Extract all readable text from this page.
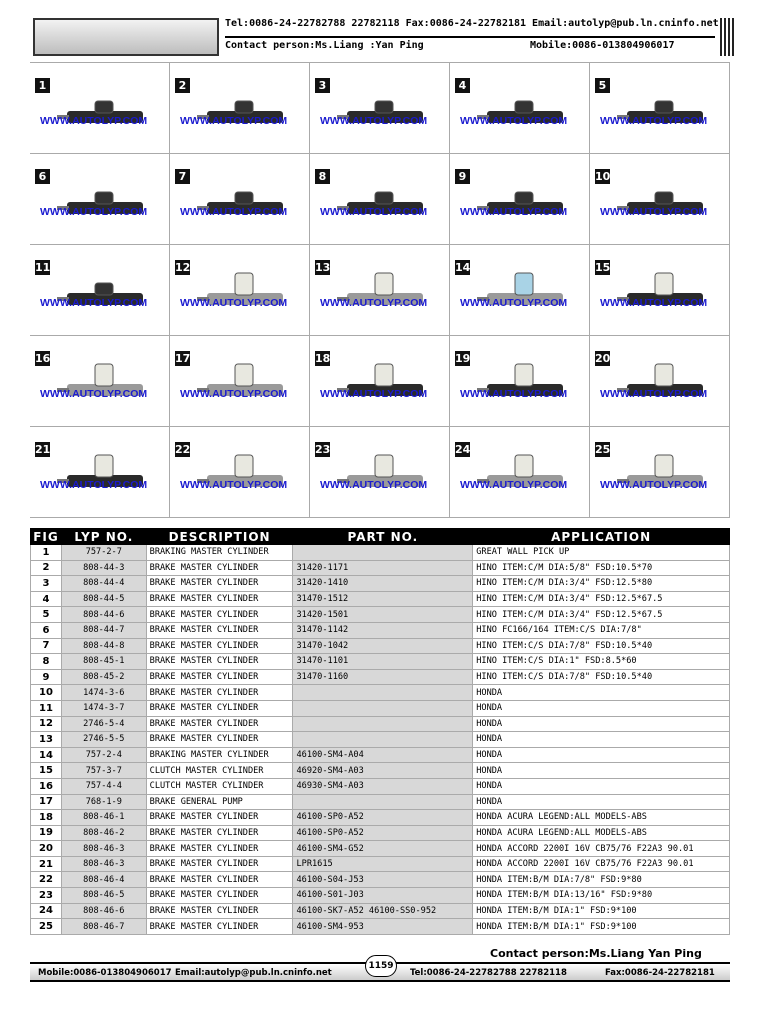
Tel:0086-24-22782788 22782118 Fax:0086-24-22782181 Email:autolyp@pub.ln.cninfo.net
Contact person:Ms.Liang :Yan Ping	Mobile:0086-013804906017
1
WWW.AUTOLYP.COM
2
WWW.AUTOLYP.COM
3
WWW.AUTOLYP.COM
4
WWW.AUTOLYP.COM
5
WWW.AUTOLYP.COM
6
WWW.AUTOLYP.COM
7
WWW.AUTOLYP.COM
8
WWW.AUTOLYP.COM
9
WWW.AUTOLYP.COM
10
WWW.AUTOLYP.COM
11
WWW.AUTOLYP.COM
12
WWW.AUTOLYP.COM
13
WWW.AUTOLYP.COM
14
WWW.AUTOLYP.COM
15
WWW.AUTOLYP.COM
16
WWW.AUTOLYP.COM
17
WWW.AUTOLYP.COM
18
WWW.AUTOLYP.COM
19
WWW.AUTOLYP.COM
20
WWW.AUTOLYP.COM
21
WWW.AUTOLYP.COM
22
WWW.AUTOLYP.COM
23
WWW.AUTOLYP.COM
24
WWW.AUTOLYP.COM
25
WWW.AUTOLYP.COM
FIG	LYP NO.	DESCRIPTION	PART NO.	APPLICATION
1	757-2-7	BRAKING MASTER CYLINDER		GREAT WALL PICK UP
2	808-44-3	BRAKE MASTER CYLINDER	31420-1171	HINO ITEM:C/M DIA:5/8" FSD:10.5*70
3	808-44-4	BRAKE MASTER CYLINDER	31420-1410	HINO ITEM:C/M DIA:3/4" FSD:12.5*80
4	808-44-5	BRAKE MASTER CYLINDER	31470-1512	HINO ITEM:C/M DIA:3/4" FSD:12.5*67.5
5	808-44-6	BRAKE MASTER CYLINDER	31420-1501	HINO ITEM:C/M DIA:3/4" FSD:12.5*67.5
6	808-44-7	BRAKE MASTER CYLINDER	31470-1142	HINO FC166/164 ITEM:C/S DIA:7/8"
7	808-44-8	BRAKE MASTER CYLINDER	31470-1042	HINO ITEM:C/S DIA:7/8" FSD:10.5*40
8	808-45-1	BRAKE MASTER CYLINDER	31470-1101	HINO ITEM:C/S DIA:1" FSD:8.5*60
9	808-45-2	BRAKE MASTER CYLINDER	31470-1160	HINO ITEM:C/S DIA:7/8" FSD:10.5*40
10	1474-3-6	BRAKE MASTER CYLINDER		HONDA
11	1474-3-7	BRAKE MASTER CYLINDER		HONDA
12	2746-5-4	BRAKE MASTER CYLINDER		HONDA
13	2746-5-5	BRAKE MASTER CYLINDER		HONDA
14	757-2-4	BRAKING MASTER CYLINDER	46100-SM4-A04	HONDA
15	757-3-7	CLUTCH MASTER CYLINDER	46920-SM4-A03	HONDA
16	757-4-4	CLUTCH MASTER CYLINDER	46930-SM4-A03	HONDA
17	768-1-9	BRAKE GENERAL PUMP		HONDA
18	808-46-1	BRAKE MASTER CYLINDER	46100-SP0-A52	HONDA ACURA LEGEND:ALL MODELS-ABS
19	808-46-2	BRAKE MASTER CYLINDER	46100-SP0-A52	HONDA ACURA LEGEND:ALL MODELS-ABS
20	808-46-3	BRAKE MASTER CYLINDER	46100-SM4-G52	HONDA ACCORD 2200I 16V CB75/76 F22A3 90.01
21	808-46-3	BRAKE MASTER CYLINDER	LPR1615	HONDA ACCORD 2200I 16V CB75/76 F22A3 90.01
22	808-46-4	BRAKE MASTER CYLINDER	46100-S04-J53	HONDA ITEM:B/M DIA:7/8" FSD:9*80
23	808-46-5	BRAKE MASTER CYLINDER	46100-S01-J03	HONDA ITEM:B/M DIA:13/16" FSD:9*80
24	808-46-6	BRAKE MASTER CYLINDER	46100-SK7-A52 46100-SS0-952	HONDA ITEM:B/M DIA:1" FSD:9*100
25	808-46-7	BRAKE MASTER CYLINDER	46100-SM4-953	HONDA ITEM:B/M DIA:1" FSD:9*100
Contact person:Ms.Liang Yan Ping
Mobile:0086-013804906017 Email:autolyp@pub.ln.cninfo.net	Tel:0086-24-22782788 22782118	Fax:0086-24-22782181
1159
